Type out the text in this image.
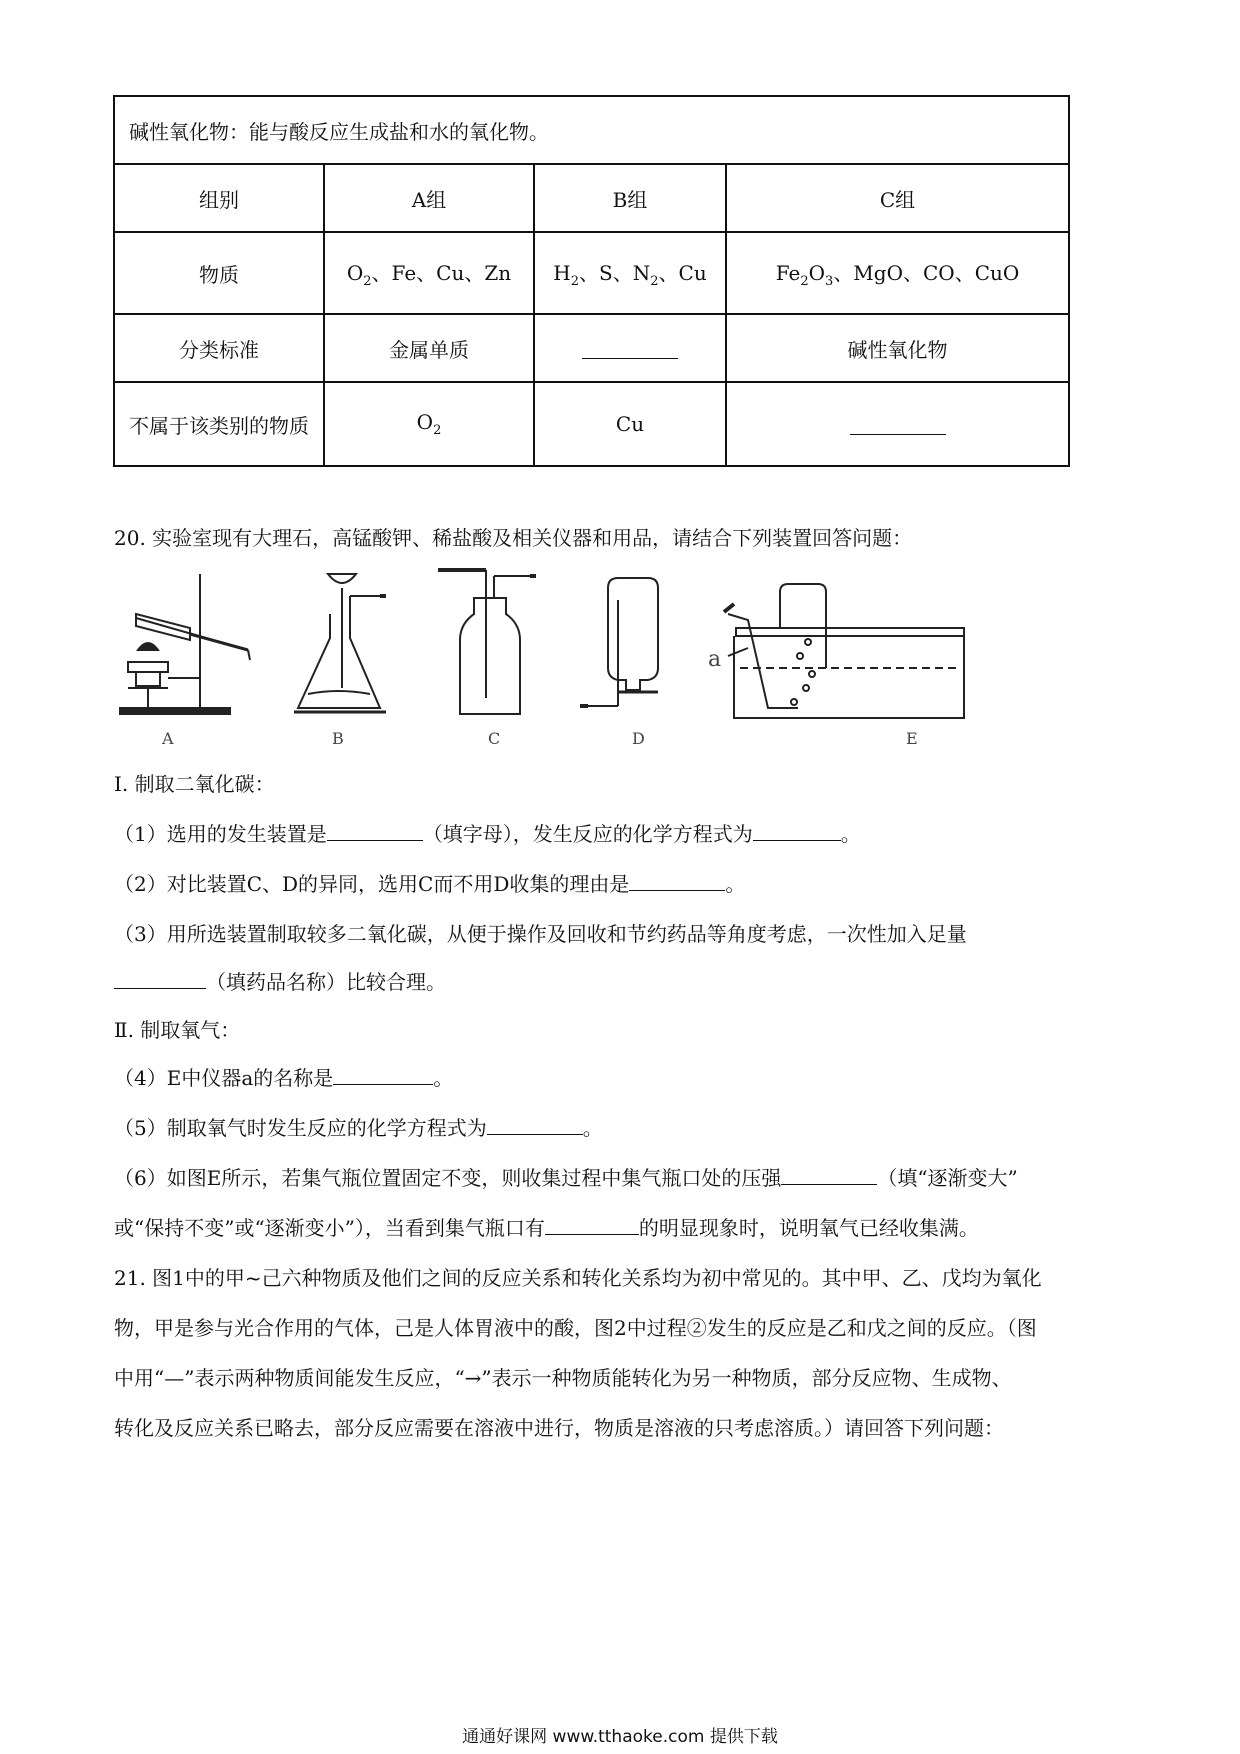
碱性氧化物：能与酸反应生成盐和水的氧化物。			
组别	A组	B组	C组
物质	$O_2$、Fe、Cu、Zn	$H_2$、S、$N_2$、Cu	$Fe_2O_3$、MgO、CO、CuO
分类标准	金属单质		碱性氧化物
不属于该类别的物质	$O_2$	Cu	
20. 实验室现有大理石，高锰酸钾、稀盐酸及相关仪器和用品，请结合下列装置回答问题：
A	B	C	D	E
a
Ⅰ. 制取二氧化碳：
（1）选用的发生装置是	（填字母），发生反应的化学方程式为	。
（2）对比装置C、D的异同，选用C而不用D收集的理由是	。
（3）用所选装置制取较多二氧化碳，从便于操作及回收和节约药品等角度考虑，一次性加入足量
（填药品名称）比较合理。
Ⅱ. 制取氧气：
（4）E中仪器a的名称是	。
（5）制取氧气时发生反应的化学方程式为	。
（6）如图E所示，若集气瓶位置固定不变，则收集过程中集气瓶口处的压强	（填“逐渐变大”
或“保持不变”或“逐渐变小”），当看到集气瓶口有	的明显现象时，说明氧气已经收集满。
21. 图1中的甲~己六种物质及他们之间的反应关系和转化关系均为初中常见的。其中甲、乙、戊均为氧化
物，甲是参与光合作用的气体，己是人体胃液中的酸，图2中过程②发生的反应是乙和戊之间的反应。（图
中用“—”表示两种物质间能发生反应，“→”表示一种物质能转化为另一种物质，部分反应物、生成物、
转化及反应关系已略去，部分反应需要在溶液中进行，物质是溶液的只考虑溶质。）请回答下列问题：
通通好课网 www.tthaoke.com 提供下载
